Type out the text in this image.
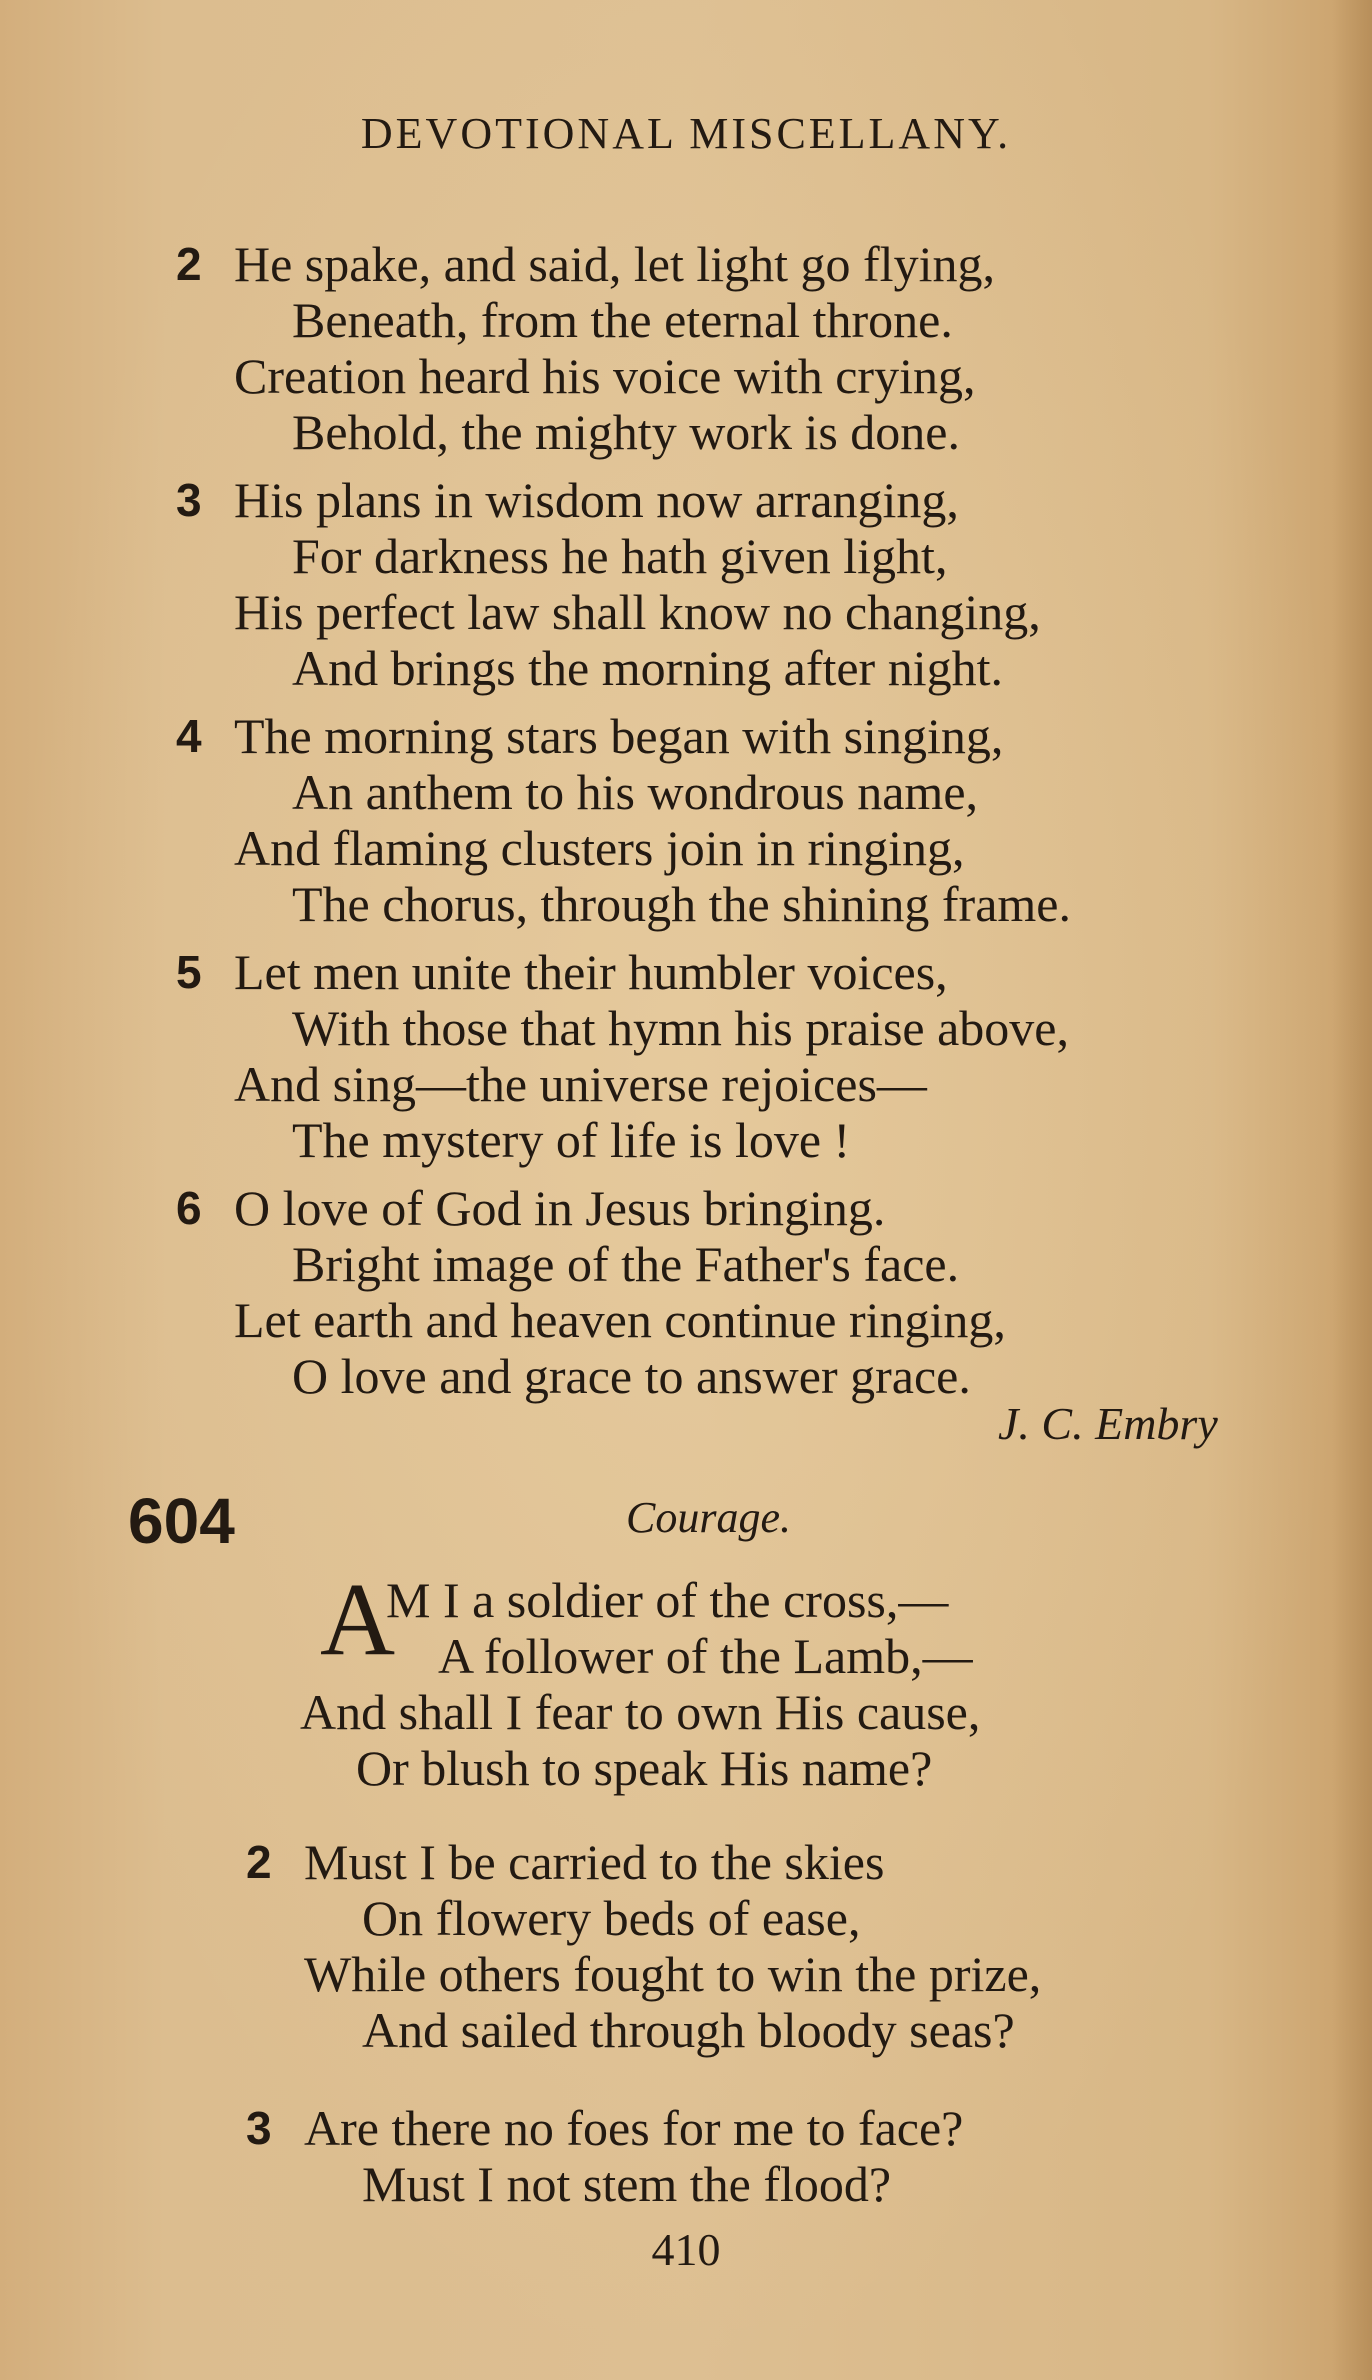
DEVOTIONAL MISCELLANY.
2 He spake, and said, let light go flying,
Beneath, from the eternal throne.
Creation heard his voice with crying,
Behold, the mighty work is done.
3 His plans in wisdom now arranging,
For darkness he hath given light,
His perfect law shall know no changing,
And brings the morning after night.
4 The morning stars began with singing,
An anthem to his wondrous name,
And flaming clusters join in ringing,
The chorus, through the shining frame.
5 Let men unite their humbler voices,
With those that hymn his praise above,
And sing—the universe rejoices—
The mystery of life is love !
6 O love of God in Jesus bringing.
Bright image of the Father's face.
Let earth and heaven continue ringing,
O love and grace to answer grace.
J. C. Embry
604	Courage.
A
M I a soldier of the cross,—
A follower of the Lamb,—
And shall I fear to own His cause,
Or blush to speak His name?
2 Must I be carried to the skies
On flowery beds of ease,
While others fought to win the prize,
And sailed through bloody seas?
3 Are there no foes for me to face?
Must I not stem the flood?
410
